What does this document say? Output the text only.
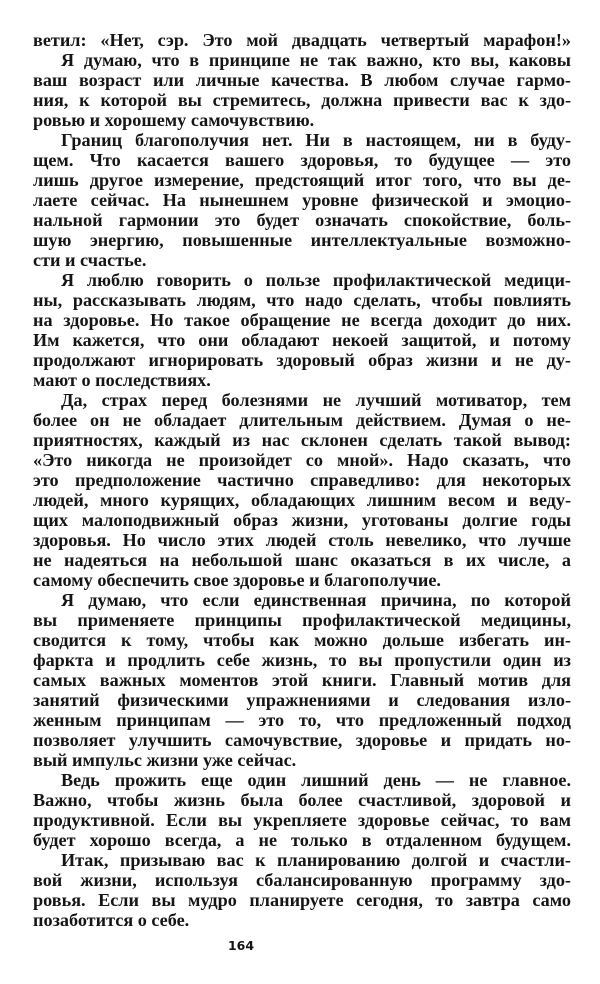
ветил: «Нет, сэр. Это мой двадцать четвертый марафон!»
Я думаю, что в принципе не так важно, кто вы, каковы
ваш возраст или личные качества. В любом случае гармо-
ния, к которой вы стремитесь, должна привести вас к здо-
ровью и хорошему самочувствию.
Границ благополучия нет. Ни в настоящем, ни в буду-
щем. Что касается вашего здоровья, то будущее — это
лишь другое измерение, предстоящий итог того, что вы де-
лаете сейчас. На нынешнем уровне физической и эмоцио-
нальной гармонии это будет означать спокойствие, боль-
шую энергию, повышенные интеллектуальные возможно-
сти и счастье.
Я люблю говорить о пользе профилактической медици-
ны, рассказывать людям, что надо сделать, чтобы повлиять
на здоровье. Но такое обращение не всегда доходит до них.
Им кажется, что они обладают некоей защитой, и потому
продолжают игнорировать здоровый образ жизни и не ду-
мают о последствиях.
Да, страх перед болезнями не лучший мотиватор, тем
более он не обладает длительным действием. Думая о не-
приятностях, каждый из нас склонен сделать такой вывод:
«Это никогда не произойдет со мной». Надо сказать, что
это предположение частично справедливо: для некоторых
людей, много курящих, обладающих лишним весом и веду-
щих малоподвижный образ жизни, уготованы долгие годы
здоровья. Но число этих людей столь невелико, что лучше
не надеяться на небольшой шанс оказаться в их числе, а
самому обеспечить свое здоровье и благополучие.
Я думаю, что если единственная причина, по которой
вы применяете принципы профилактической медицины,
сводится к тому, чтобы как можно дольше избегать ин-
фаркта и продлить себе жизнь, то вы пропустили один из
самых важных моментов этой книги. Главный мотив для
занятий физическими упражнениями и следования изло-
женным принципам — это то, что предложенный подход
позволяет улучшить самочувствие, здоровье и придать но-
вый импульс жизни уже сейчас.
Ведь прожить еще один лишний день — не главное.
Важно, чтобы жизнь была более счастливой, здоровой и
продуктивной. Если вы укрепляете здоровье сейчас, то вам
будет хорошо всегда, а не только в отдаленном будущем.
Итак, призываю вас к планированию долгой и счастли-
вой жизни, используя сбалансированную программу здо-
ровья. Если вы мудро планируете сегодня, то завтра само
позаботится о себе.
164
